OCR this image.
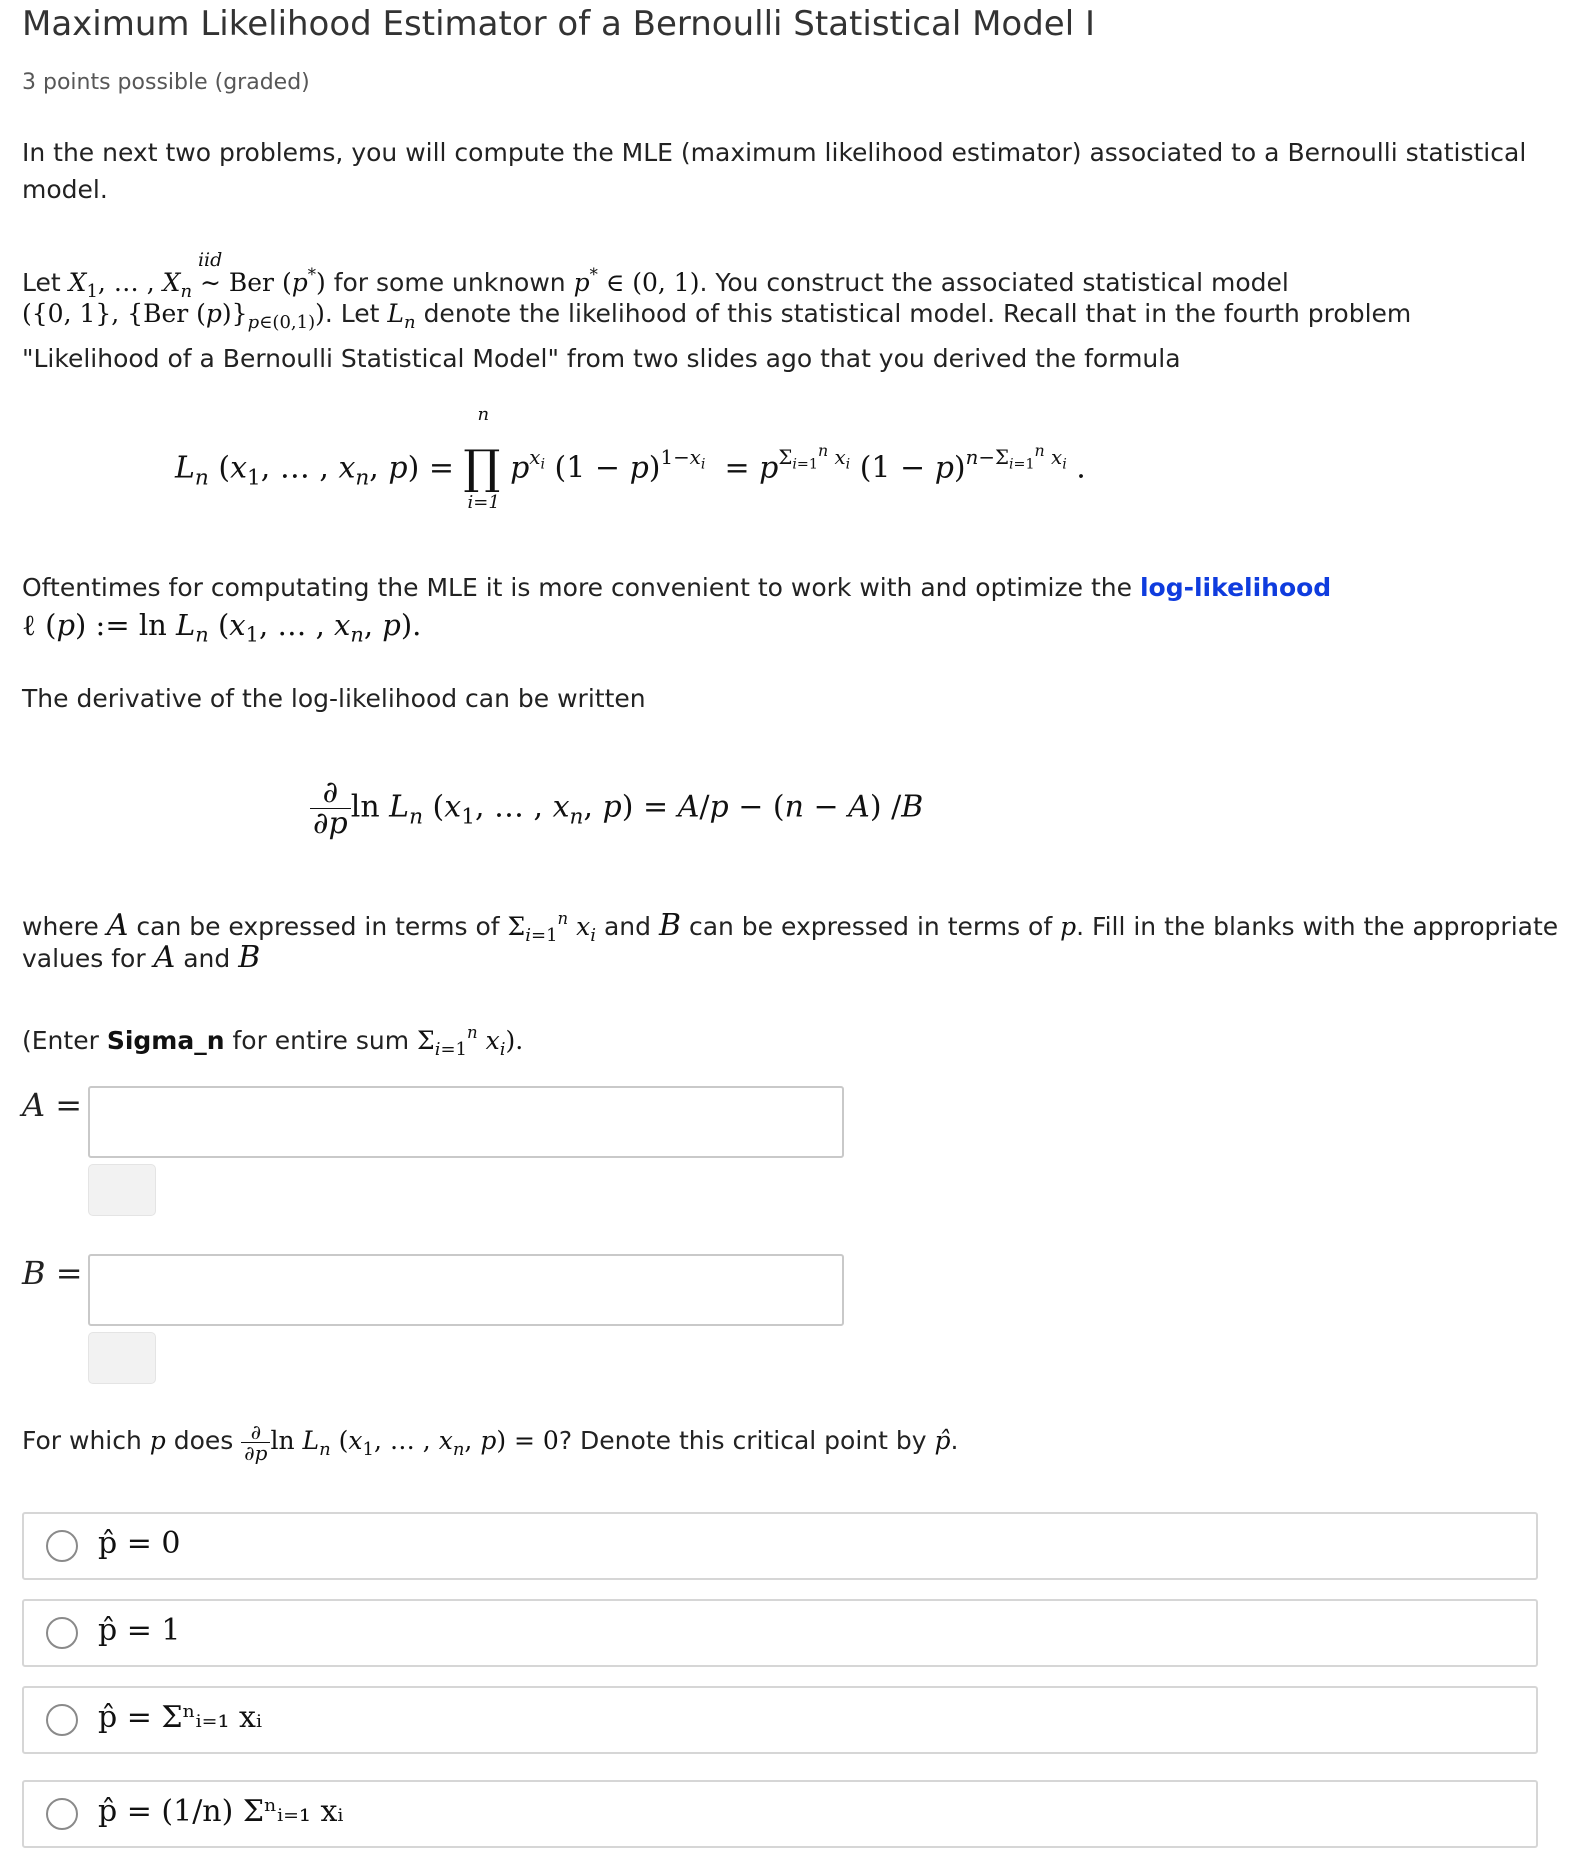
Maximum Likelihood Estimator of a Bernoulli Statistical Model I
3 points possible (graded)
In the next two problems, you will compute the MLE (maximum likelihood estimator) associated to a Bernoulli statistical
model.
Let $X_1$, … , $X_n$
iid
∼ Ber (p*) for some unknown p* ∈ (0, 1). You construct the associated statistical model
({0, 1}, {Ber $(p)\}_{p\in(0,1)}$). Let $L_n$ denote the likelihood of this statistical model. Recall that in the fourth problem
"Likelihood of a Bernoulli Statistical Model" from two slides ago that you derived the formula
$L_n$ ($x_1$, … , $x_n$, p) =
n
∏
i=1
$p^{x_i}$ $(1 - p)^{1-x_i} = p^{\Sigma_{i=1}^n x_i}$ $(1 - p)^{n-\Sigma_{i=1}^n x_i}$ .
Oftentimes for computating the MLE it is more convenient to work with and optimize the log-likelihood
ℓ (p) := $\ln L_n$ ($x_1$, … , $x_n$, p).
The derivative of the log-likelihood can be written
$\frac{\partial}{\partial p}$ $\ln L_n$ ($x_1$, … , $x_n$, p) = A/p − (n − A) /B
where A can be expressed in terms of $\Sigma_{i=1}^n$ $x_i$ and B can be expressed in terms of p. Fill in the blanks with the appropriate
values for A and B
(Enter Sigma_n for entire sum $\Sigma_{i=1}^n$ $x_i$).
A =
B =
For which p does $\frac{\partial}{\partial p}$ $\ln L_n$ ($x_1$, … , $x_n$, p) = 0? Denote this critical point by p̂.
p̂ = 0
p̂ = 1
p̂ = Σⁿᵢ₌₁ xᵢ
p̂ = (1/n) Σⁿᵢ₌₁ xᵢ
